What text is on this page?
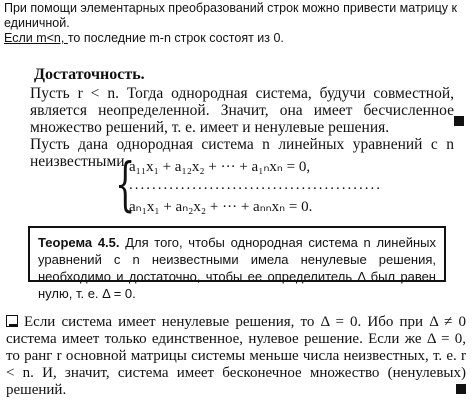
При помощи элементарных преобразований строк можно привести матрицу к единичной.

Если m<n, то последние m-n строк состоят из 0.

Достаточность.

Пусть r < n. Тогда однородная система, будучи совместной, является неопределенной. Значит, она имеет бесчисленное множество решений, т. е. имеет и ненулевые решения.

Пусть дана однородная система n линейных уравнений с n неизвестными

{
a₁₁x₁ + a₁₂x₂ + ··· + a₁ₙxₙ = 0,
............................................
aₙ₁x₁ + aₙ₂x₂ + ··· + aₙₙxₙ = 0.

Теорема 4.5. Для того, чтобы однородная система n линейных уравнений с n неизвестными имела ненулевые решения, необходимо и достаточно, чтобы ее определитель Δ был равен нулю, т. е. Δ = 0.

Если система имеет ненулевые решения, то Δ = 0. Ибо при Δ ≠ 0 система имеет только единственное, нулевое решение. Если же Δ = 0, то ранг r основной матрицы системы меньше числа неизвестных, т. е. r < n. И, значит, система имеет бесконечное множество (ненулевых) решений.
